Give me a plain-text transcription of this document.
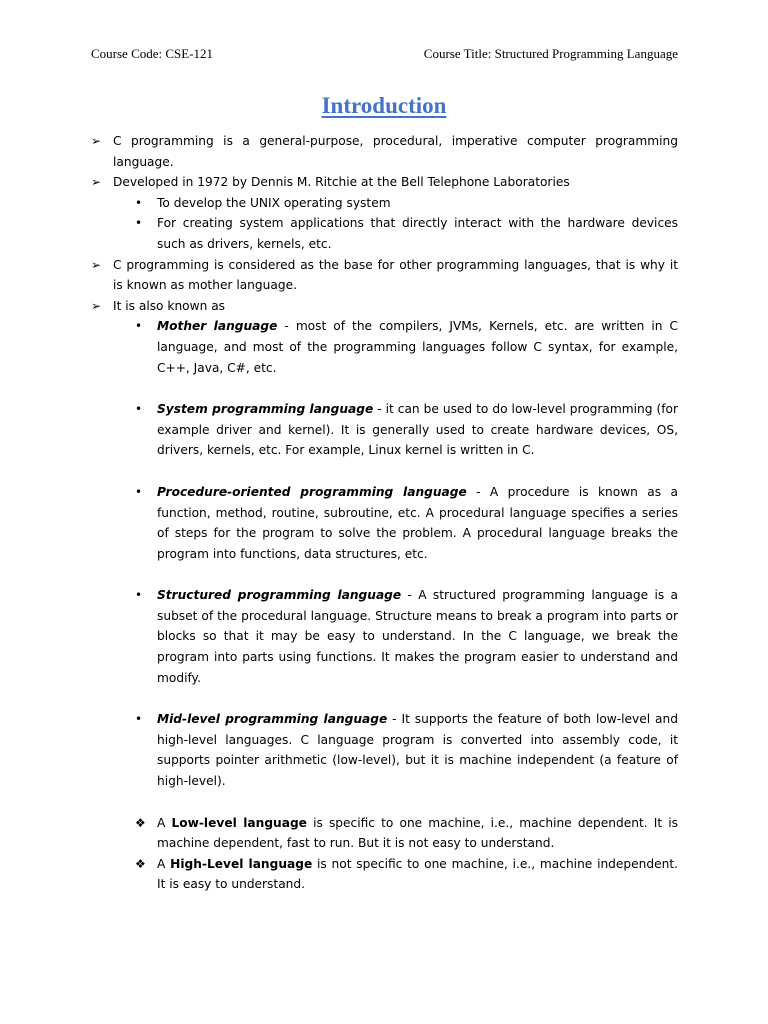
Course Code: CSE-121	Course Title: Structured Programming Language
Introduction
➢ C programming is a general-purpose, procedural, imperative computer programming language.
➢ Developed in 1972 by Dennis M. Ritchie at the Bell Telephone Laboratories
•	To develop the UNIX operating system
•	For creating system applications that directly interact with the hardware devices such as drivers, kernels, etc.
➢ C programming is considered as the base for other programming languages, that is why it is known as mother language.
➢ It is also known as
•	Mother language - most of the compilers, JVMs, Kernels, etc. are written in C language, and most of the programming languages follow C syntax, for example, C++, Java, C#, etc.
•	System programming language - it can be used to do low-level programming (for example driver and kernel). It is generally used to create hardware devices, OS, drivers, kernels, etc. For example, Linux kernel is written in C.
•	Procedure-oriented programming language - A procedure is known as a function, method, routine, subroutine, etc. A procedural language specifies a series of steps for the program to solve the problem. A procedural language breaks the program into functions, data structures, etc.
•	Structured programming language - A structured programming language is a subset of the procedural language. Structure means to break a program into parts or blocks so that it may be easy to understand. In the C language, we break the program into parts using functions. It makes the program easier to understand and modify.
•	Mid-level programming language - It supports the feature of both low-level and high-level languages. C language program is converted into assembly code, it supports pointer arithmetic (low-level), but it is machine independent (a feature of high-level).
❖ A Low-level language is specific to one machine, i.e., machine dependent. It is machine dependent, fast to run. But it is not easy to understand.
❖ A High-Level language is not specific to one machine, i.e., machine independent. It is easy to understand.
